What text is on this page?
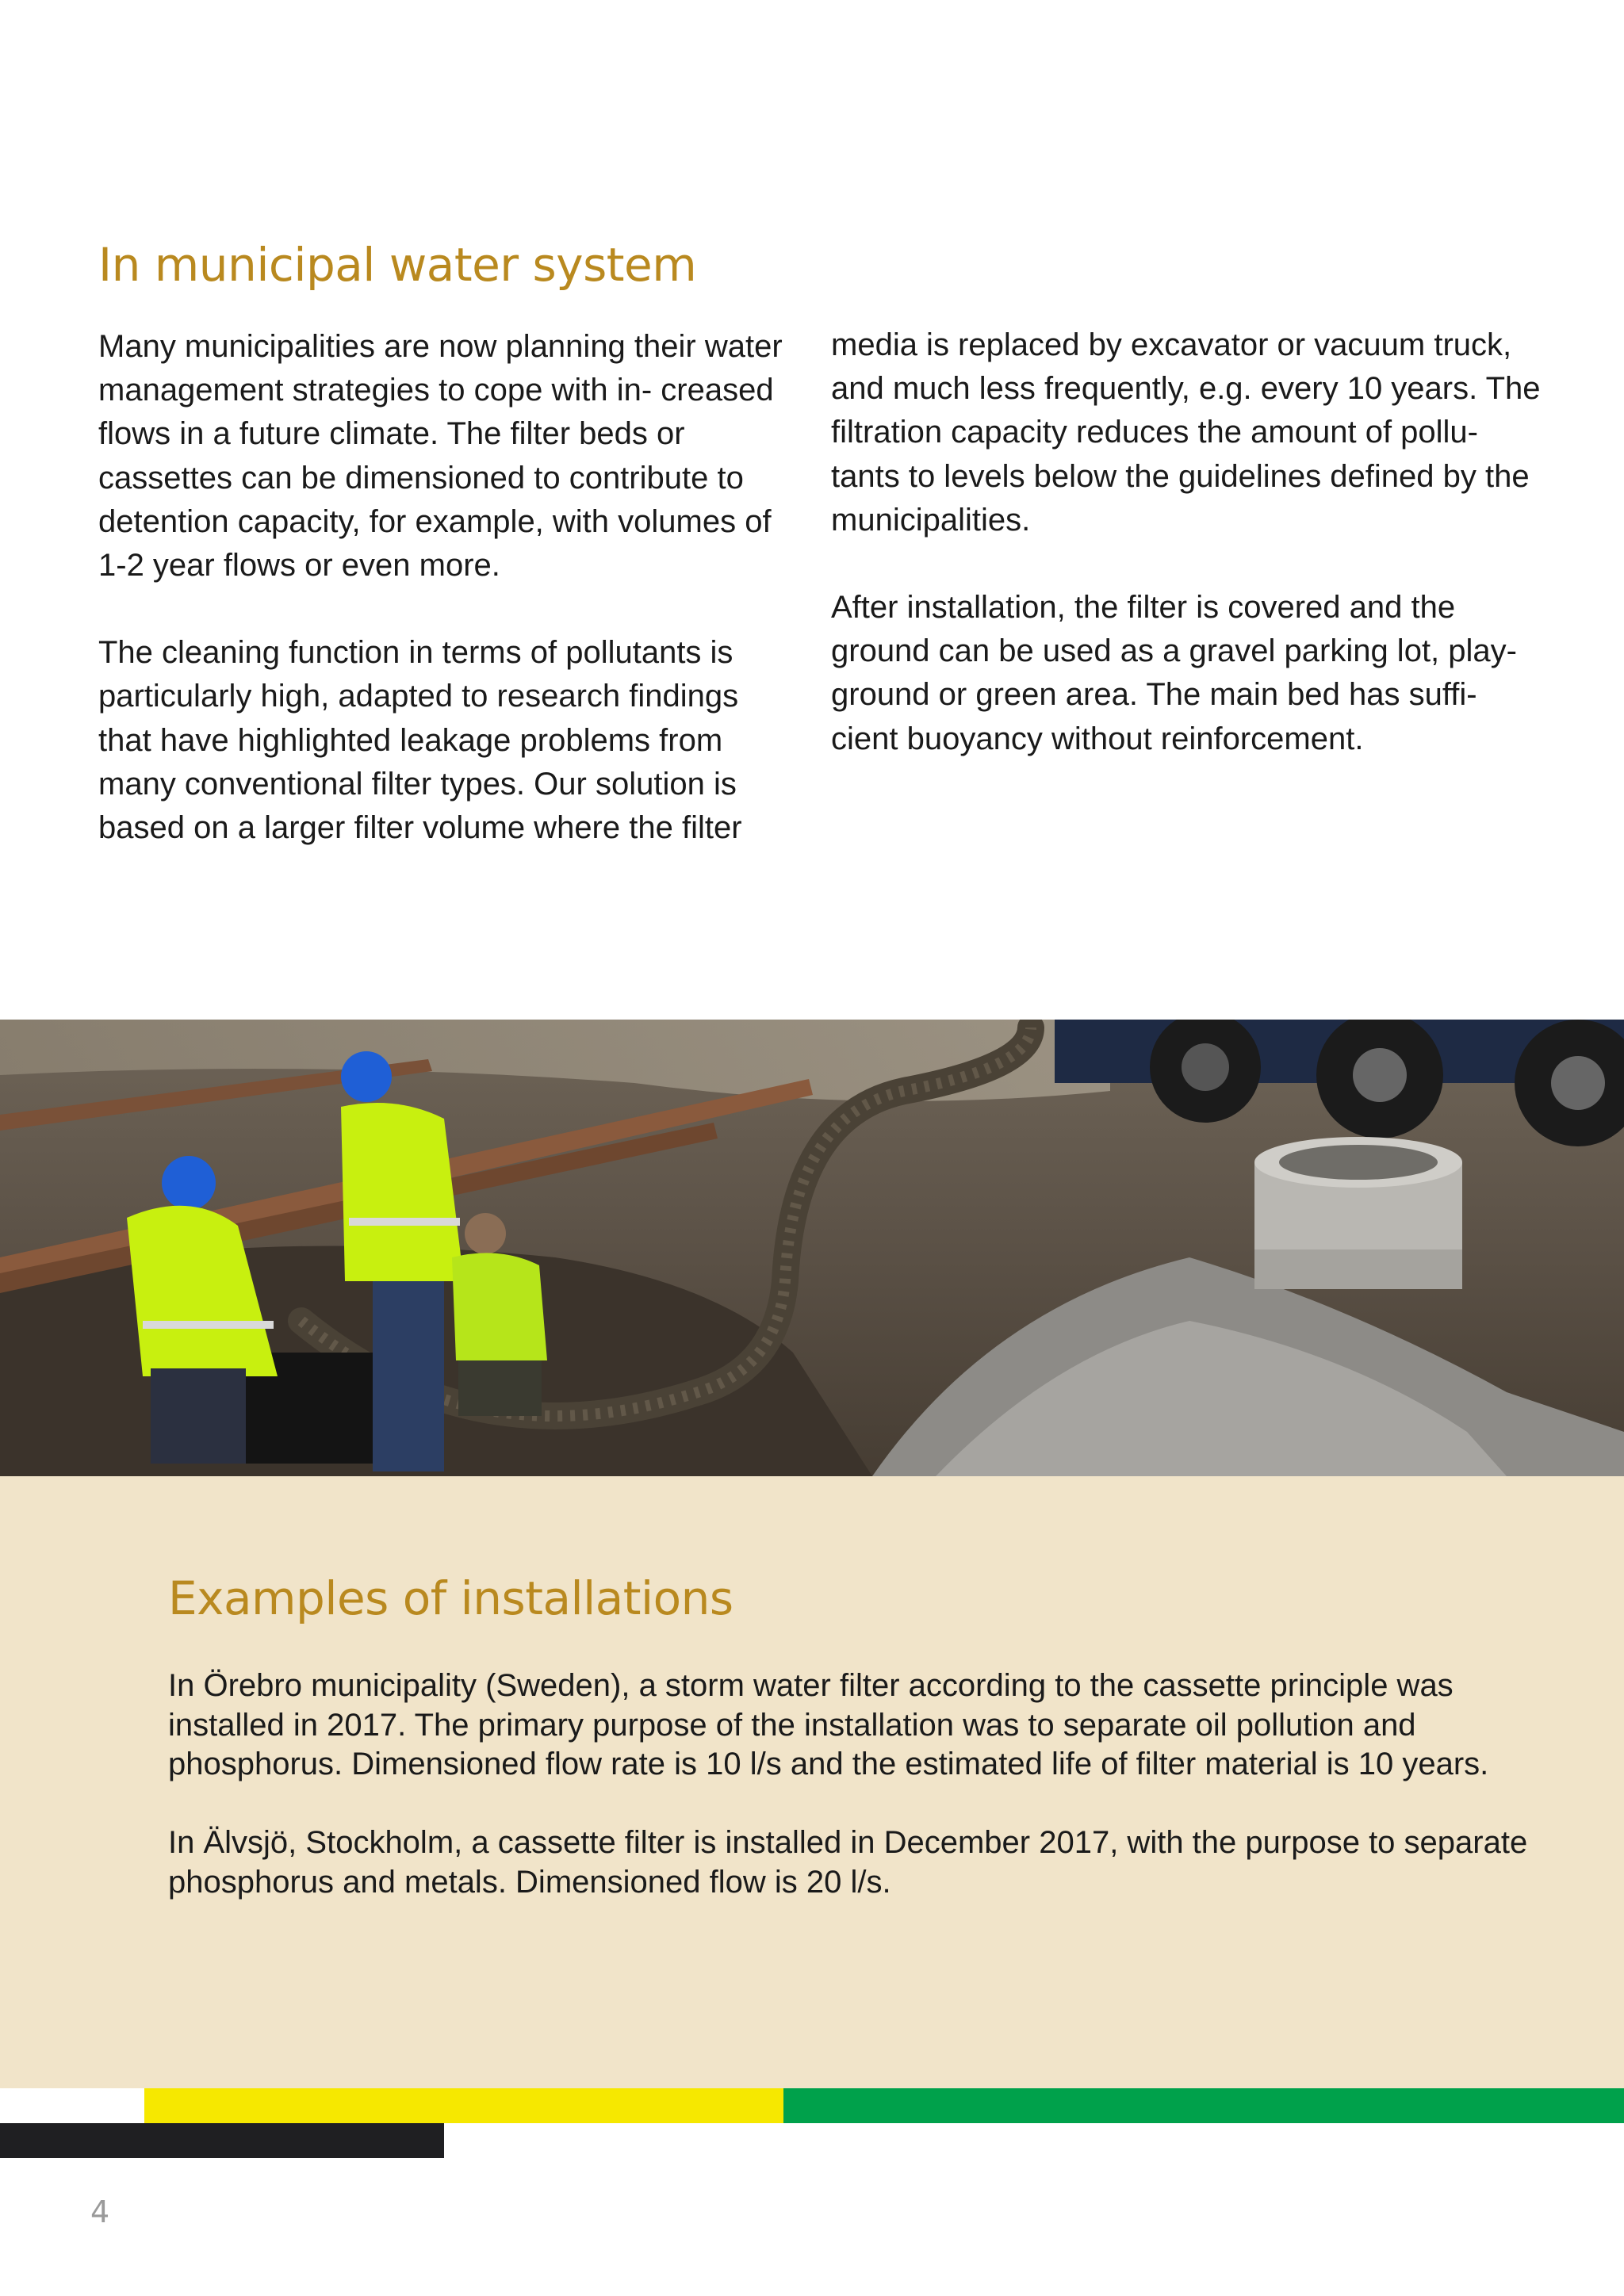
In municipal water system

Many municipalities are now planning their water management strategies to cope with in- creased flows in a future climate. The filter beds or cassettes can be dimensioned to contribute to detention capacity, for example, with volumes of 1-2 year flows or even more.

The cleaning function in terms of pollutants is particularly high, adapted to research findings that have highlighted leakage problems from many conventional filter types. Our solution is based on a larger filter volume where the filter

media is replaced by excavator or vacuum truck, and much less frequently, e.g. every 10 years. The filtration capacity reduces the amount of pollu- tants to levels below the guidelines defined by the municipalities.

After installation, the filter is covered and the ground can be used as a gravel parking lot, play- ground or green area. The main bed has suffi- cient buoyancy without reinforcement.

Examples of installations

In Örebro municipality (Sweden), a storm water filter according to the cassette principle was installed in 2017. The primary purpose of the installation was to separate oil pollution and phosphorus. Dimensioned flow rate is 10 l/s and the estimated life of filter material is 10 years.

In Älvsjö, Stockholm, a cassette filter is installed in December 2017, with the purpose to separate phosphorus and metals. Dimensioned flow is 20 l/s.

4
